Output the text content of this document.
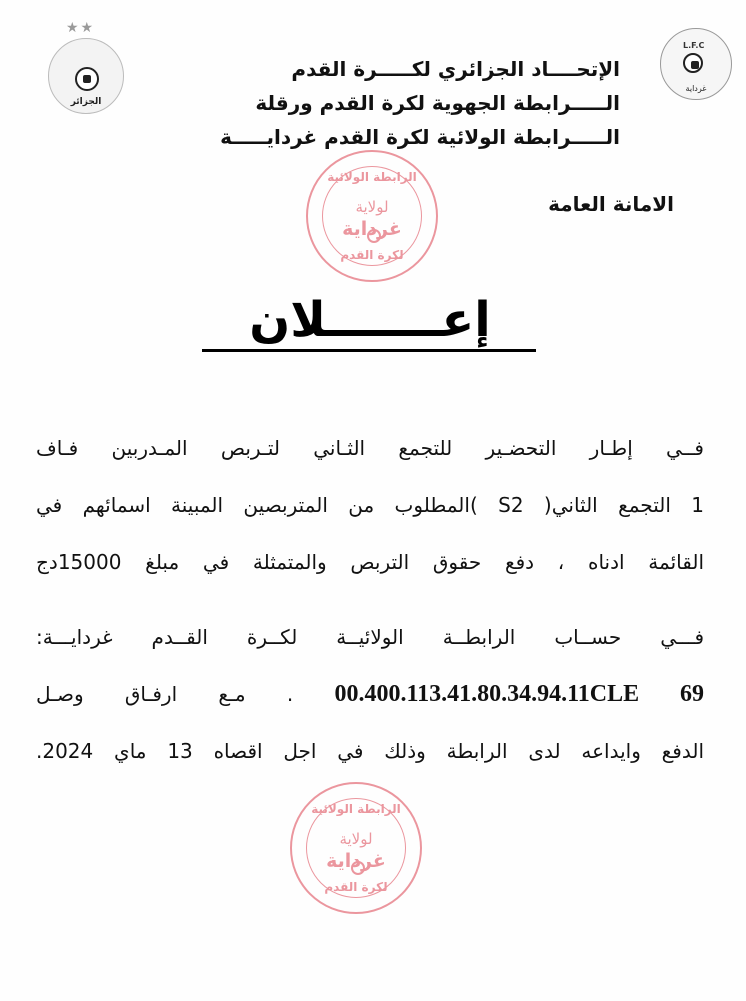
★★
الجزائر
L.F.C
غرداية
الإتحــــاد الجزائري لكـــــرة القدم
الـــــرابطة الجهوية لكرة القدم ورقلة
الـــــرابطة الولائية لكرة القدم غردايـــــة
الرابطة الولائية
لولاية
غرداية
لكرة القدم
الامانة العامة
إعـــــــلان

فــي إطـار التحضـير للتجمع الثـاني لتـربص المـدربين فـاف

1 التجمع الثاني( S2 )المطلوب من المتربصين المبينة اسمائهم في

القائمة ادناه ، دفع حقوق التربص والمتمثلة في مبلغ 15000دج

فـــي حســاب الرابطــة الولائيــة لكــرة القــدم غردايـــة:

00.400.113.41.80.34.94.11CLE 69 . مـع ارفـاق وصـل

الدفع وايداعه لدى الرابطة وذلك في اجل اقصاه 13 ماي 2024.

الرابطة الولائية
لولاية
غرداية
لكرة القدم
